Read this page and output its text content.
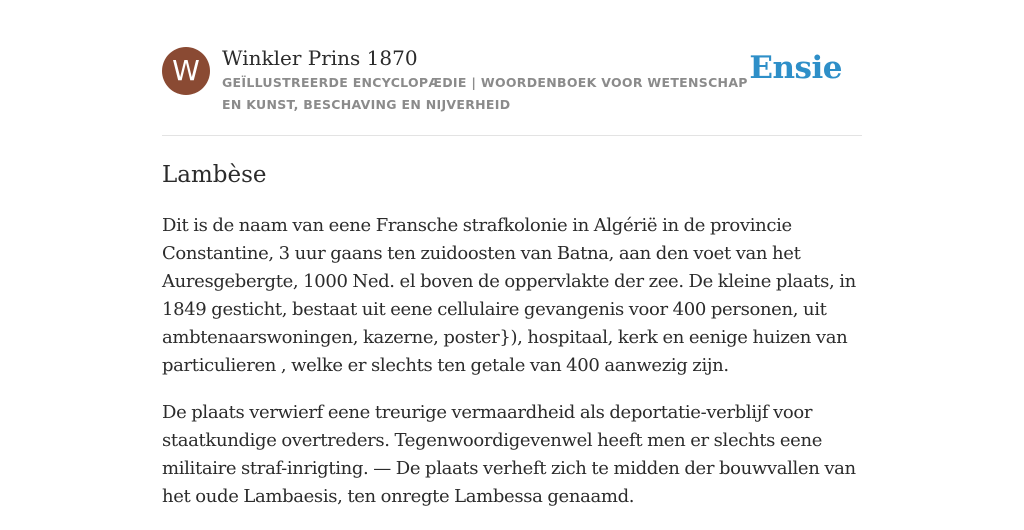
W	Winkler Prins 1870
GEÏLLUSTREERDE ENCYCLOPÆDIE | WOORDENBOEK VOOR WETENSCHAP EN KUNST, BESCHAVING EN NIJVERHEID
Ensie
Lambèse

Dit is de naam van eene Fransche strafkolonie in Algérië in de provincie Constantine, 3 uur gaans ten zuidoosten van Batna, aan den voet van het Auresgebergte, 1000 Ned. el boven de oppervlakte der zee. De kleine plaats, in 1849 gesticht, bestaat uit eene cellulaire gevangenis voor 400 personen, uit ambtenaarswoningen, kazerne, poster}), hospitaal, kerk en eenige huizen van particulieren , welke er slechts ten getale van 400 aanwezig zijn.

De plaats verwierf eene treurige vermaardheid als deportatie-verblijf voor staatkundige overtreders. Tegenwoordigevenwel heeft men er slechts eene militaire straf-inrigting. — De plaats verheft zich te midden der bouwvallen van het oude Lambaesis, ten onregte Lambessa genaamd.
